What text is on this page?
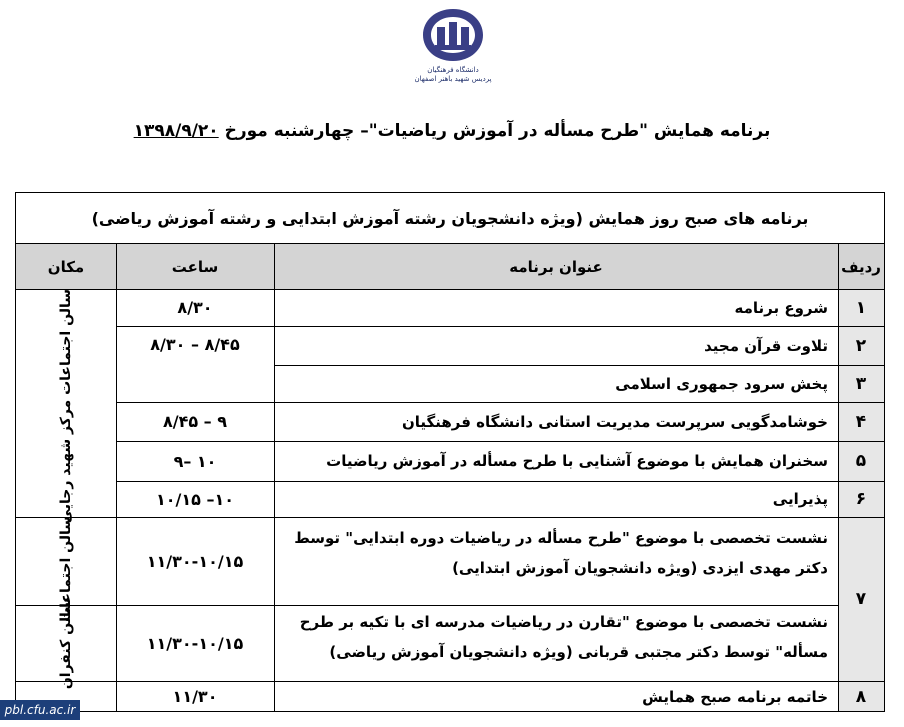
دانشگاه فرهنگیان
پردیس شهید باهنر اصفهان
برنامه همایش "طرح مسأله در آموزش ریاضیات"– چهارشنبه مورخ ۱۳۹۸/۹/۲۰
برنامه های صبح روز همایش (ویژه دانشجویان رشته آموزش ابتدایی و رشته آموزش ریاضی)
ردیف
عنوان برنامه
ساعت
مکان
۱
شروع برنامه
۸/۳۰
۲
تلاوت قرآن مجید
۸/۳۰ – ۸/۴۵
۳
پخش سرود جمهوری اسلامی
۴
خوشامدگویی سرپرست مدیریت استانی دانشگاه فرهنگیان
۸/۴۵ – ۹
۵
سخنران همایش با موضوع آشنایی با طرح مسأله در آموزش ریاضیات
۹– ۱۰
۶
پذیرایی
۱۰/۱۵ –۱۰
۷
نشست تخصصی با موضوع "طرح مسأله در ریاضیات دوره ابتدایی" توسط دکتر مهدی ایزدی (ویژه دانشجویان آموزش ابتدایی)
۱۱/۳۰-۱۰/۱۵
سالن اجتماعات
نشست تخصصی با موضوع "تقارن در ریاضیات مدرسه ای با تکیه بر طرح مسأله" توسط دکتر مجتبی قربانی (ویژه دانشجویان آموزش ریاضی)
۱۱/۳۰-۱۰/۱۵
سالن کنفران
۸
خاتمه برنامه صبح همایش
۱۱/۳۰
سالن اجتماعات مرکز شهید رجایی
pbl.cfu.ac.ir
